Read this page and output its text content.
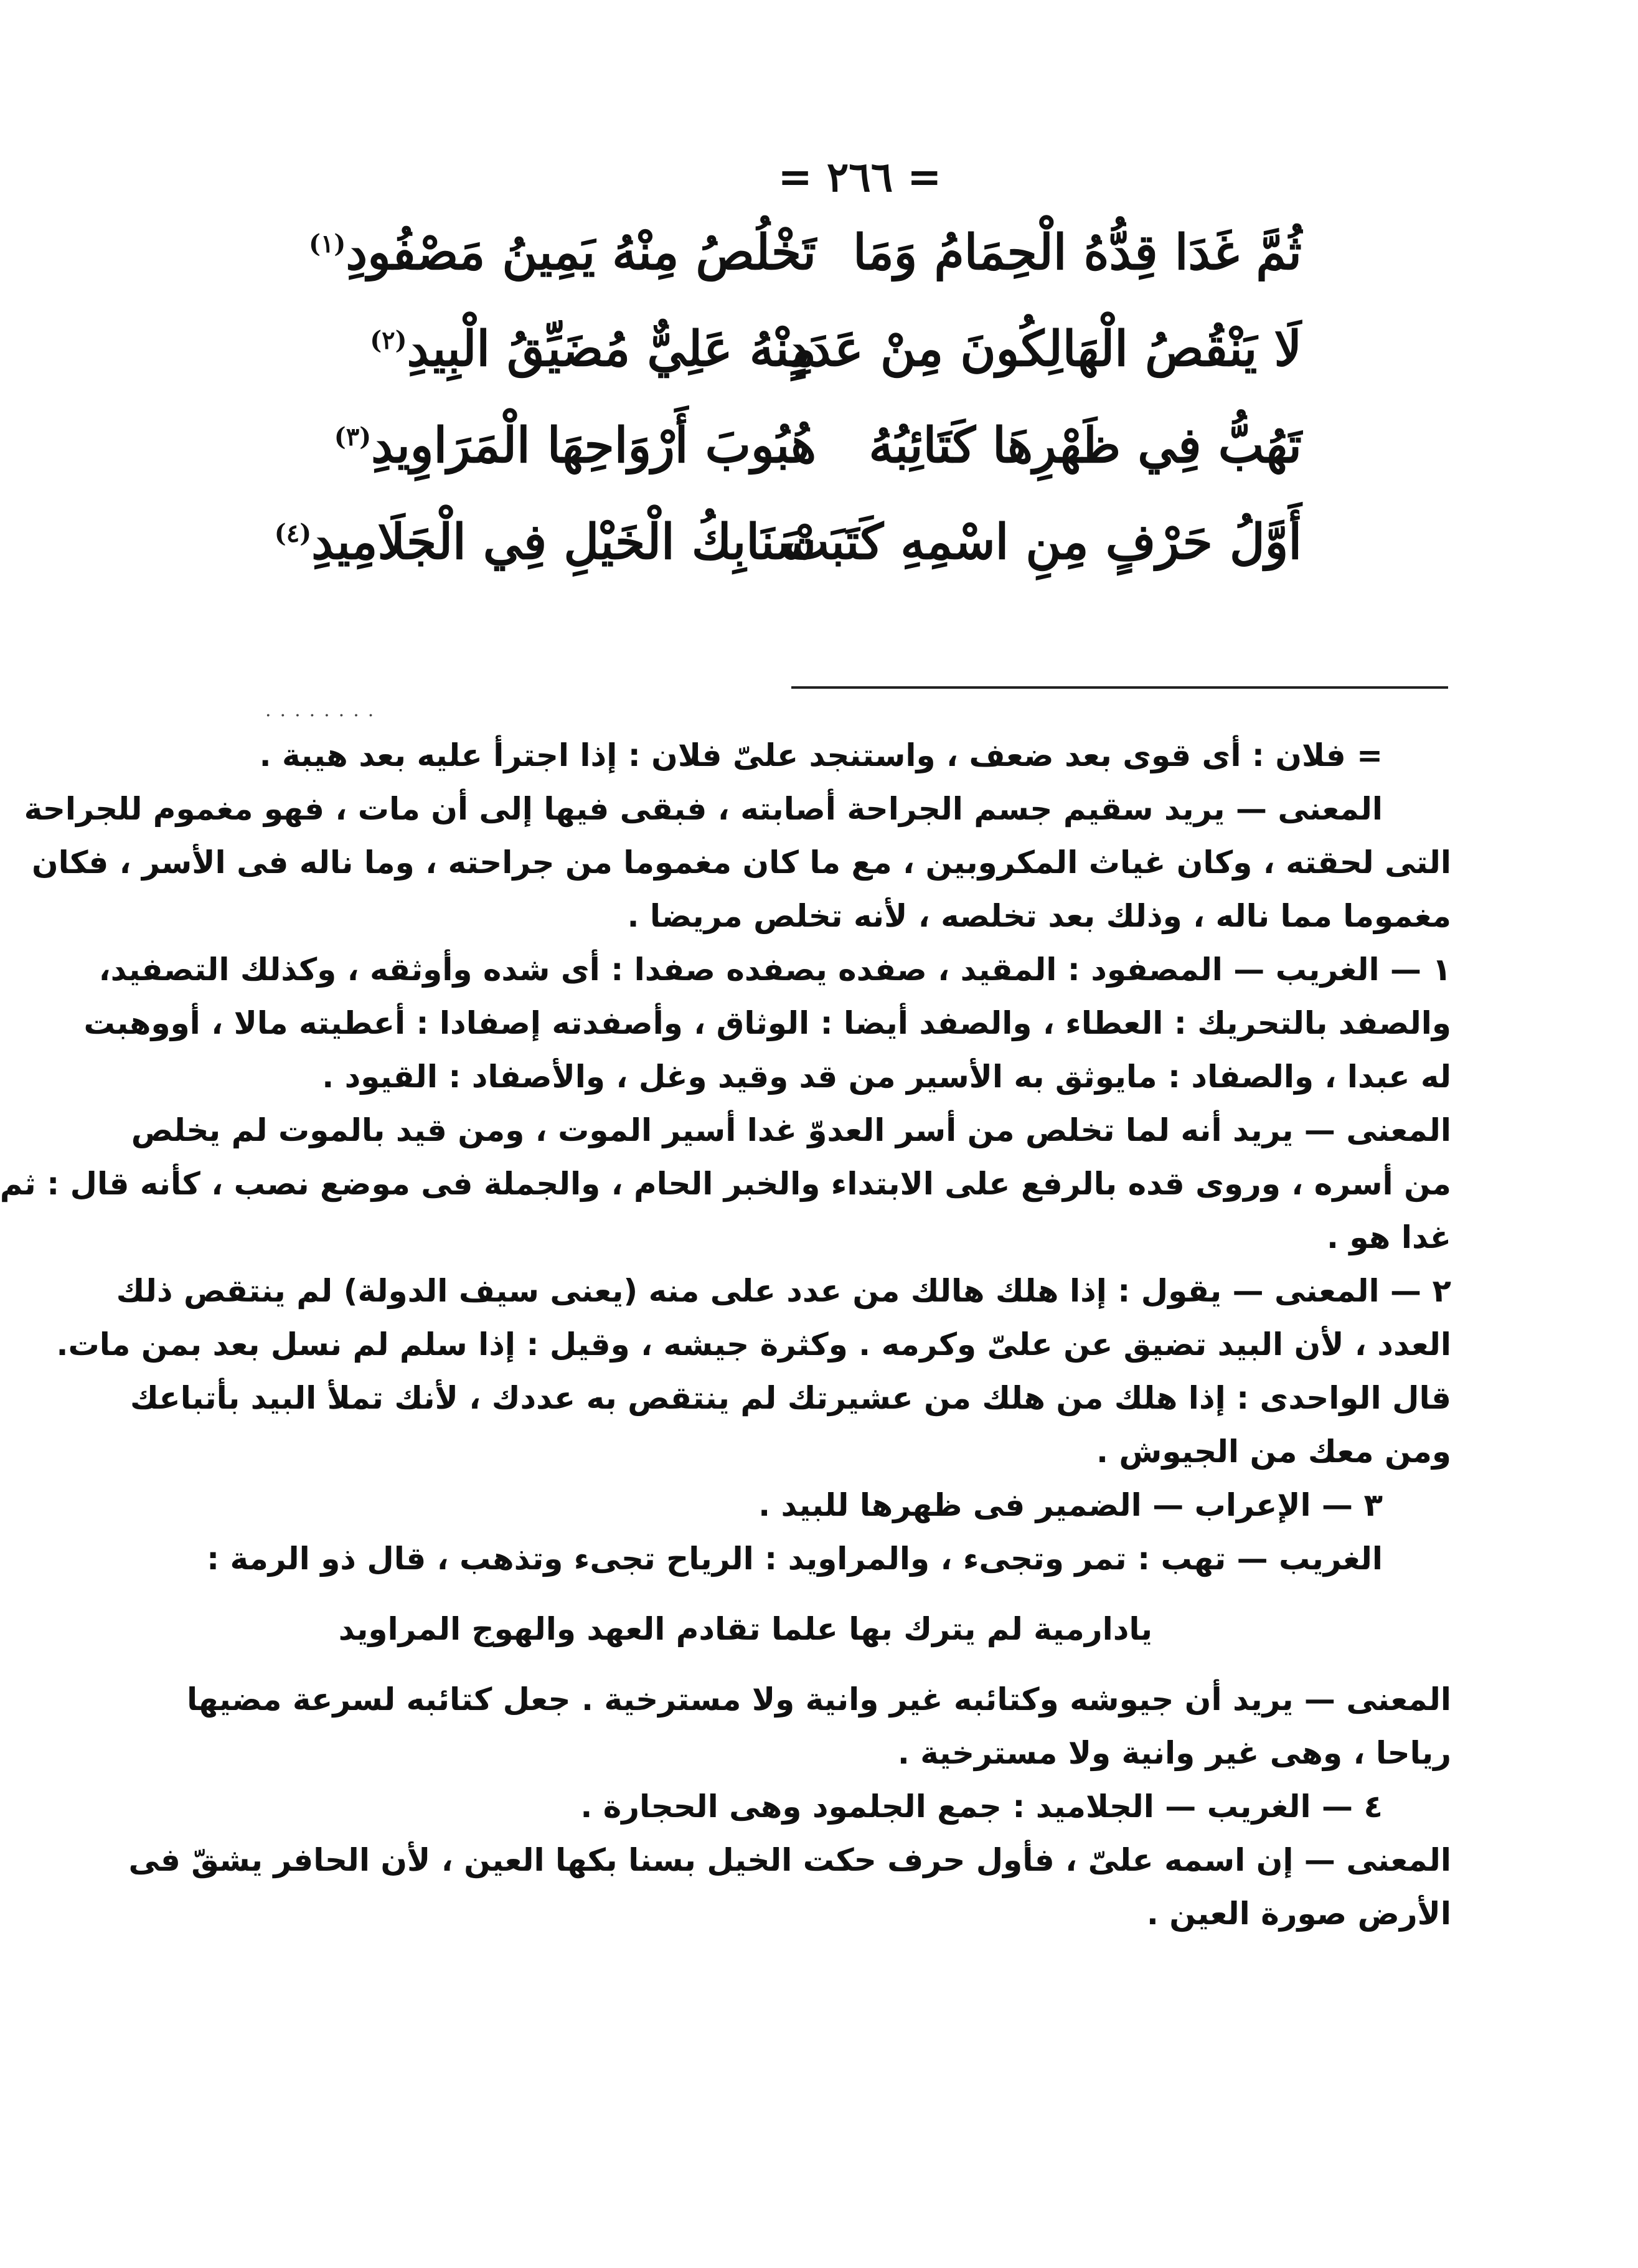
= ٢٦٦ =
ثُمَّ غَدَا قِدُّهُ الْحِمَامُ وَمَا
تَخْلُصُ مِنْهُ يَمِينُ مَصْفُودِ$^{(١)}$
لَا يَنْقُصُ الْهَالِكُونَ مِنْ عَدَدٍ
مِنْهُ عَلِيٌّ مُضَيِّقُ الْبِيدِ$^{(٢)}$
تَهُبُّ فِي ظَهْرِهَا كَتَائِبُهُ
هُبُوبَ أَرْوَاحِهَا الْمَرَاوِيدِ$^{(٣)}$
أَوَّلُ حَرْفٍ مِنِ اسْمِهِ كَتَبَتْ
سَنَابِكُ الْخَيْلِ فِي الْجَلَامِيدِ$^{(٤)}$
........
= فلان : أى قوى بعد ضعف ، واستنجد علىّ فلان : إذا اجترأ عليه بعد هيبة .
المعنى — يريد سقيم جسم الجراحة أصابته ، فبقى فيها إلى أن مات ، فهو مغموم للجراحة
التى لحقته ، وكان غياث المكروبين ، مع ما كان مغموما من جراحته ، وما ناله فى الأسر ، فكان
مغموما مما ناله ، وذلك بعد تخلصه ، لأنه تخلص مريضا .
١ — الغريب — المصفود : المقيد ، صفده يصفده صفدا : أى شده وأوثقه ، وكذلك التصفيد،
والصفد بالتحريك : العطاء ، والصفد أيضا : الوثاق ، وأصفدته إصفادا : أعطيته مالا ، أووهبت
له عبدا ، والصفاد : مايوثق به الأسير من قد وقيد وغل ، والأصفاد : القيود .
المعنى — يريد أنه لما تخلص من أسر العدوّ غدا أسير الموت ، ومن قيد بالموت لم يخلص
من أسره ، وروى قده بالرفع على الابتداء والخبر الحام ، والجملة فى موضع نصب ، كأنه قال : ثم
غدا هو .
٢ — المعنى — يقول : إذا هلك هالك من عدد على منه (يعنى سيف الدولة) لم ينتقص ذلك
العدد ، لأن البيد تضيق عن علىّ وكرمه . وكثرة جيشه ، وقيل : إذا سلم لم نسل بعد بمن مات.
قال الواحدى : إذا هلك من هلك من عشيرتك لم ينتقص به عددك ، لأنك تملأ البيد بأتباعك
ومن معك من الجيوش .
٣ — الإعراب — الضمير فى ظهرها للبيد .
الغريب — تهب : تمر وتجىء ، والمراويد : الرياح تجىء وتذهب ، قال ذو الرمة :
يادارمية لم يترك بها علما تقادم العهد والهوج المراويد
المعنى — يريد أن جيوشه وكتائبه غير وانية ولا مسترخية . جعل كتائبه لسرعة مضيها
رياحا ، وهى غير وانية ولا مسترخية .
٤ — الغريب — الجلاميد : جمع الجلمود وهى الحجارة .
المعنى — إن اسمه علىّ ، فأول حرف حكت الخيل بسنا بكها العين ، لأن الحافر يشقّ فى
الأرض صورة العين .
